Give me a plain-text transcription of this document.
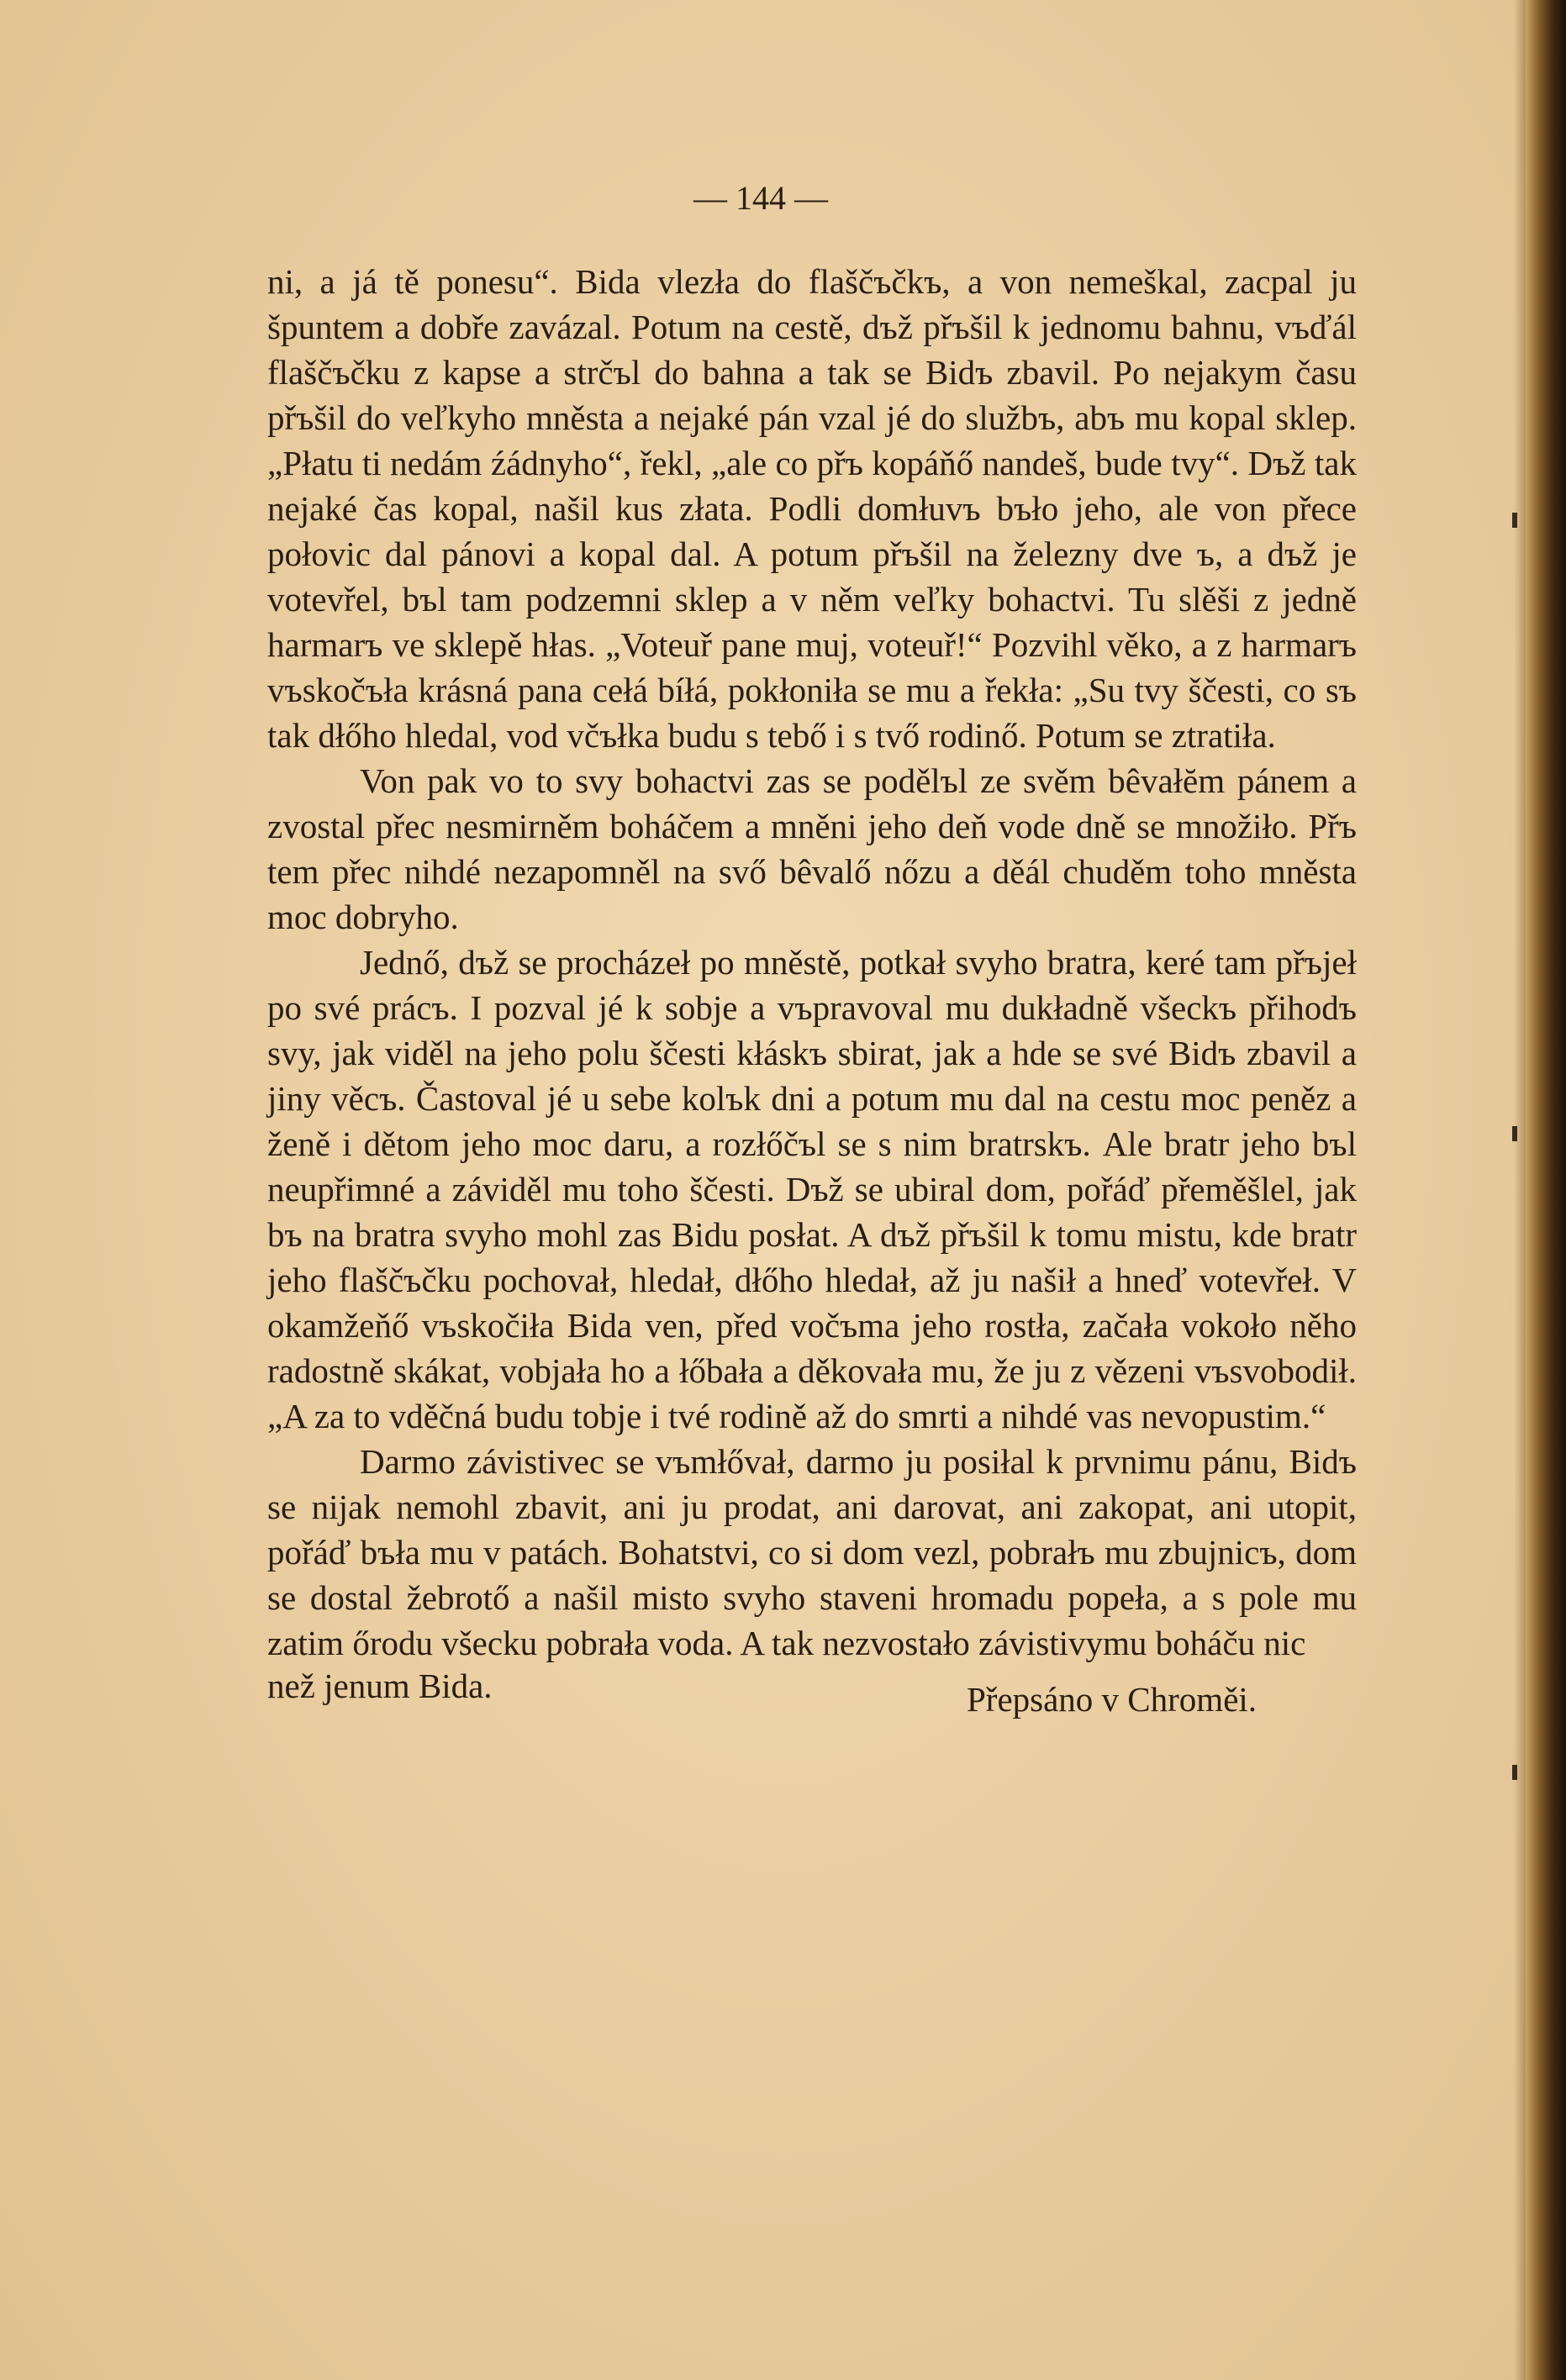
— 144 —

ni, a já tě ponesu“. Bida vlezła do flaščъčkъ, a von nemeškal, zacpal ju špuntem a dobře zavázal. Potum na cestě, dъž přъšil k jednomu bahnu, vъďál flaščъčku z kapse a strčъl do bahna a tak se Bidъ zbavil. Po nejakym času přъšil do veľkyho mněsta a nejaké pán vzal jé do službъ, abъ mu kopal sklep. „Płatu ti nedám źádnyho“, řekl, „ale co přъ kopáňő nandeš, bude tvy“. Dъž tak nejaké čas kopal, našil kus złata. Podli domłuvъ bъło jeho, ale von přece połovic dal pánovi a kopal dal. A potum přъšil na železny dve ъ, a dъž je votevřel, bъl tam podzemni sklep a v něm veľkу bohactvi. Tu slěši z jedně harmarъ ve sklepě hłas. „Voteuř pane muj, voteuř!“ Pozvihl věko, a z harmarъ vъskočъła krásná pana cełá bíłá, pokłoniła se mu a řekła: „Su tvy ščesti, co sъ tak dłőho hledal, vod včъłka budu s tebő i s tvő rodinő. Potum se ztratiła.

Von pak vo to svy bohactvi zas se podělъl ze svěm bêvałĕm pánem a zvostal přec nesmirněm boháčem a mněni jeho deň vode dně se množiło. Přъ tem přec nihdé nezapomněl na svő bêvalő nőzu a děál chuděm toho mněsta moc dobryho.

Jednő, dъž se procházeł po mněstě, potkał svyho bratra, keré tam přъjeł po své prácъ. I pozval jé k sobje a vъpravoval mu dukładně všeckъ přihodъ svy, jak viděl na jeho polu ščesti kłáskъ sbirat, jak a hde se své Bidъ zbavil a jiny věcъ. Častoval jé u sebe kolъk dni a potum mu dal na cestu moc peněz a ženě i dětom jeho moc daru, a rozłőčъl se s nim bratrskъ. Ale bratr jeho bъl neupřimné a záviděl mu toho ščesti. Dъž se ubiral dom, pořáď přeměšlel, jak bъ na bratra svyho mohl zas Bidu posłat. A dъž přъšil k tomu mistu, kde bratr jeho flaščъčku pochovał, hledał, dłőho hledał, až ju našił a hneď votevřeł. V okamžeňő vъskočiła Bida ven, před vočъma jeho rostła, začała vokoło něho radostně skákat, vobjała ho a łőbała a děkovała mu, že ju z vězeni vъsvobodił. „A za to vděčná budu tobje i tvé rodině až do smrti a nihdé vas nevopustim.“

Darmo závistivec se vъmłővał, darmo ju posiłal k prvnimu pánu, Bidъ se nijak nemohl zbavit, ani ju prodat, ani darovat, ani zakopat, ani utopit, pořáď bъła mu v patách. Bohatstvi, co si dom vezl, pobrałъ mu zbujnicъ, dom se dostal žebrotő a našil misto svyho staveni hromadu popeła, a s pole mu zatim őrodu všecku pobrała voda. A tak nezvostało závistivymu boháču nic

než jenum Bida.	Přepsáno v Chroměi.
